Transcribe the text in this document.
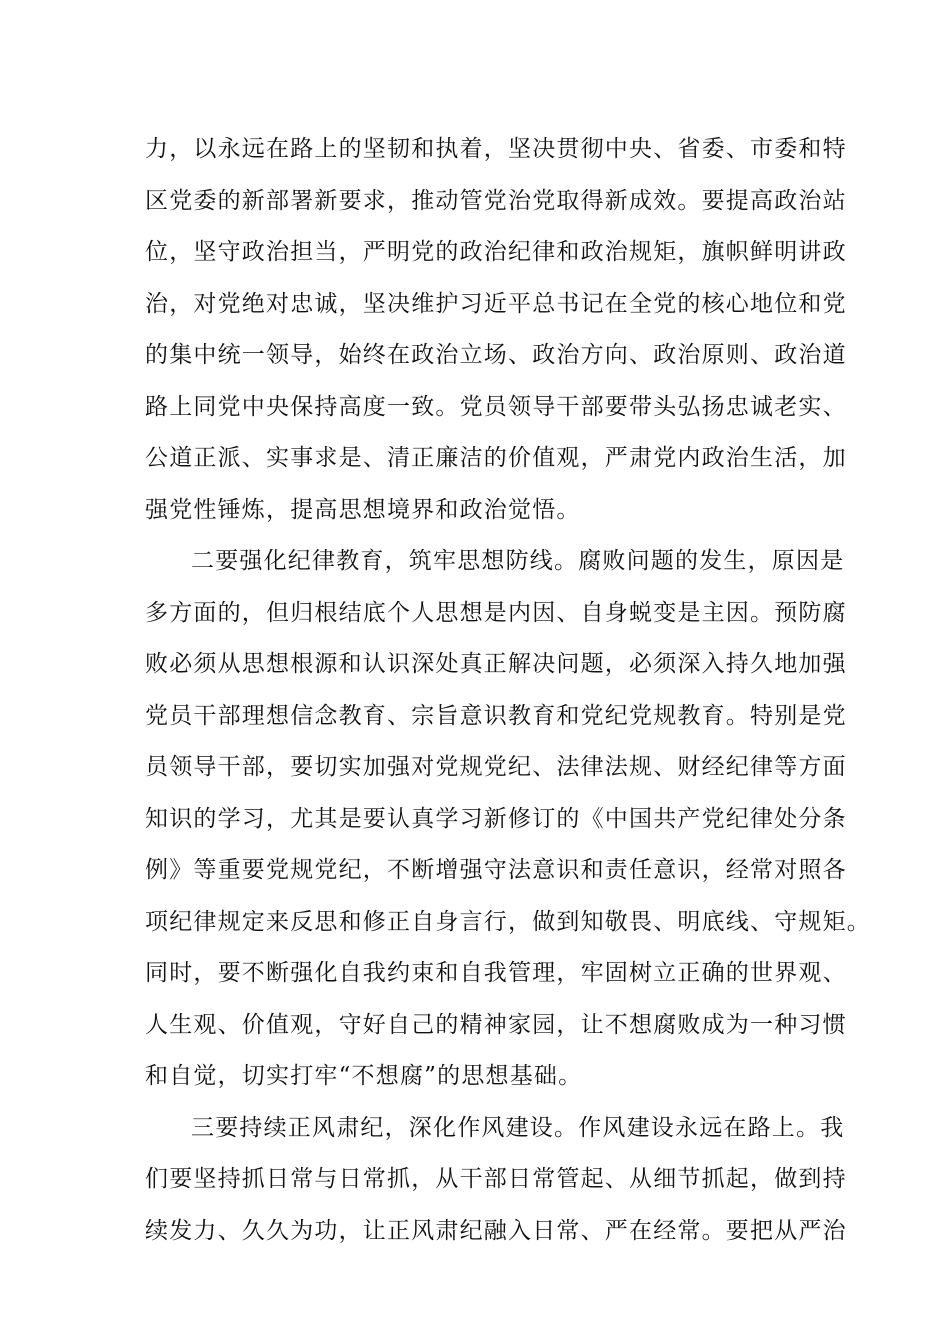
力，以永远在路上的坚韧和执着，坚决贯彻中央、省委、市委和特
区党委的新部署新要求，推动管党治党取得新成效。要提高政治站
位，坚守政治担当，严明党的政治纪律和政治规矩，旗帜鲜明讲政
治，对党绝对忠诚，坚决维护习近平总书记在全党的核心地位和党
的集中统一领导，始终在政治立场、政治方向、政治原则、政治道
路上同党中央保持高度一致。党员领导干部要带头弘扬忠诚老实、
公道正派、实事求是、清正廉洁的价值观，严肃党内政治生活，加
强党性锤炼，提高思想境界和政治觉悟。
二要强化纪律教育，筑牢思想防线。腐败问题的发生，原因是
多方面的，但归根结底个人思想是内因、自身蜕变是主因。预防腐
败必须从思想根源和认识深处真正解决问题，必须深入持久地加强
党员干部理想信念教育、宗旨意识教育和党纪党规教育。特别是党
员领导干部，要切实加强对党规党纪、法律法规、财经纪律等方面
知识的学习，尤其是要认真学习新修订的《中国共产党纪律处分条
例》等重要党规党纪，不断增强守法意识和责任意识，经常对照各
项纪律规定来反思和修正自身言行，做到知敬畏、明底线、守规矩。
同时，要不断强化自我约束和自我管理，牢固树立正确的世界观、
人生观、价值观，守好自己的精神家园，让不想腐败成为一种习惯
和自觉，切实打牢“不想腐”的思想基础。
三要持续正风肃纪，深化作风建设。作风建设永远在路上。我
们要坚持抓日常与日常抓，从干部日常管起、从细节抓起，做到持
续发力、久久为功，让正风肃纪融入日常、严在经常。要把从严治
